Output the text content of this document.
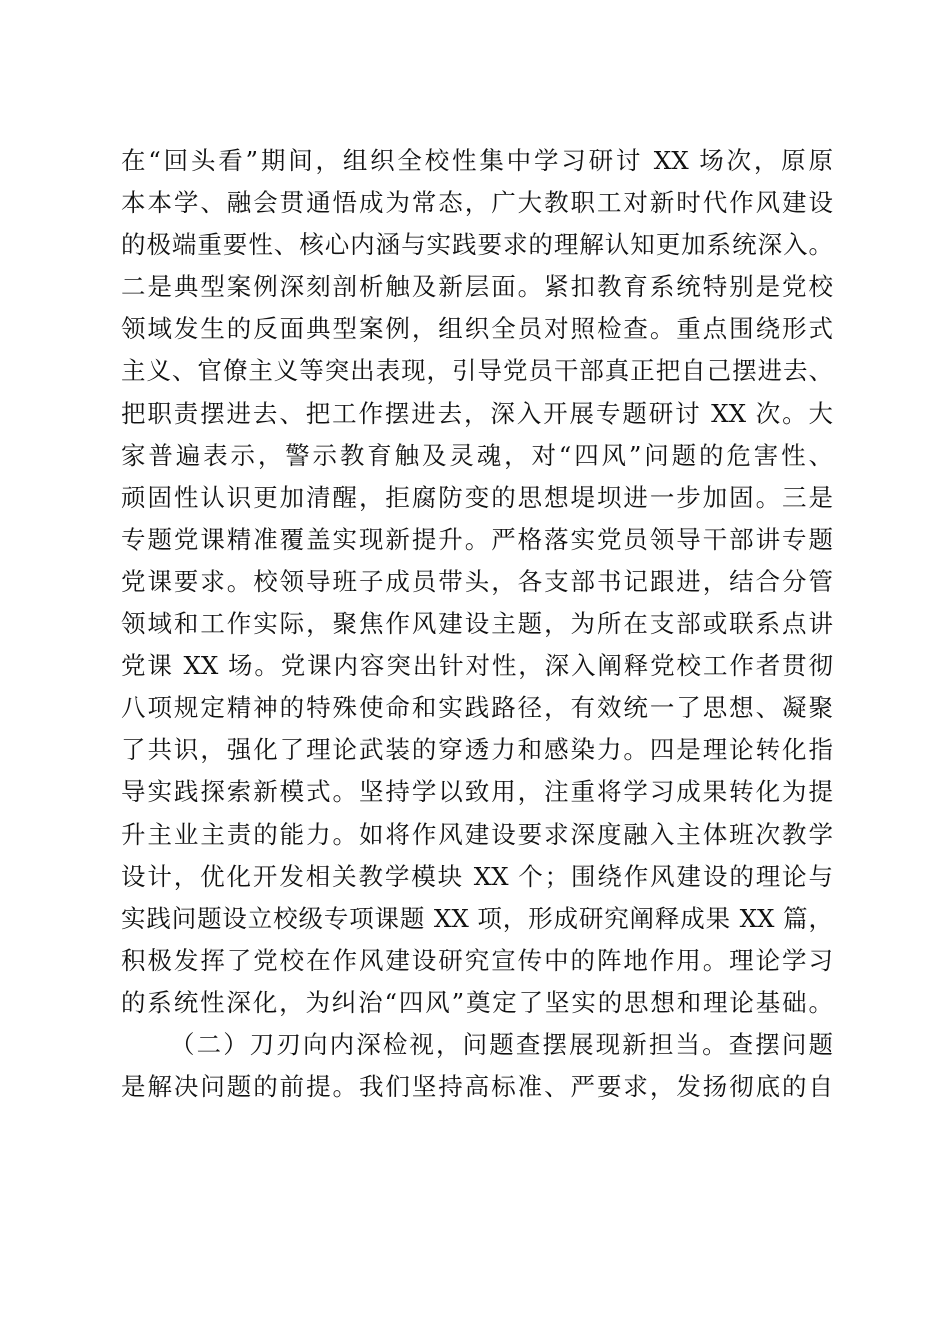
在“回头看”期间，组织全校性集中学习研讨 XX 场次，原原
本本学、融会贯通悟成为常态，广大教职工对新时代作风建设
的极端重要性、核心内涵与实践要求的理解认知更加系统深入。
二是典型案例深刻剖析触及新层面。紧扣教育系统特别是党校
领域发生的反面典型案例，组织全员对照检查。重点围绕形式
主义、官僚主义等突出表现，引导党员干部真正把自己摆进去、
把职责摆进去、把工作摆进去，深入开展专题研讨 XX 次。大
家普遍表示，警示教育触及灵魂，对“四风”问题的危害性、
顽固性认识更加清醒，拒腐防变的思想堤坝进一步加固。三是
专题党课精准覆盖实现新提升。严格落实党员领导干部讲专题
党课要求。校领导班子成员带头，各支部书记跟进，结合分管
领域和工作实际，聚焦作风建设主题，为所在支部或联系点讲
党课 XX 场。党课内容突出针对性，深入阐释党校工作者贯彻
八项规定精神的特殊使命和实践路径，有效统一了思想、凝聚
了共识，强化了理论武装的穿透力和感染力。四是理论转化指
导实践探索新模式。坚持学以致用，注重将学习成果转化为提
升主业主责的能力。如将作风建设要求深度融入主体班次教学
设计，优化开发相关教学模块 XX 个；围绕作风建设的理论与
实践问题设立校级专项课题 XX 项，形成研究阐释成果 XX 篇，
积极发挥了党校在作风建设研究宣传中的阵地作用。理论学习
的系统性深化，为纠治“四风”奠定了坚实的思想和理论基础。
（二）刀刃向内深检视，问题查摆展现新担当。查摆问题
是解决问题的前提。我们坚持高标准、严要求，发扬彻底的自
